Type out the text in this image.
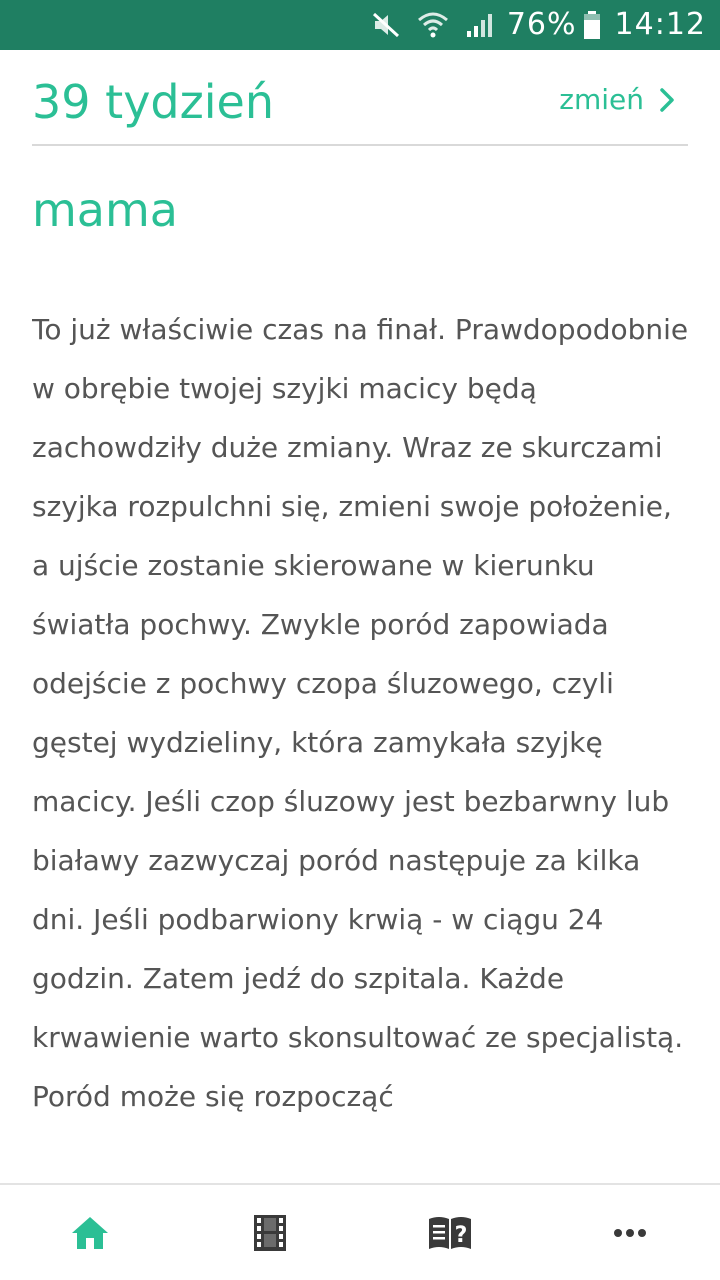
76% 14:12
39 tydzień	zmień
mama

To już właściwie czas na finał. Prawdopodobnie w obrębie twojej szyjki macicy będą zachowdziły duże zmiany. Wraz ze skurczami szyjka rozpulchni się, zmieni swoje położenie, a ujście zostanie skierowane w kierunku światła pochwy. Zwykle poród zapowiada odejście z pochwy czopa śluzowego, czyli gęstej wydzieliny, która zamykała szyjkę macicy. Jeśli czop śluzowy jest bezbarwny lub białawy zazwyczaj poród następuje za kilka dni. Jeśli podbarwiony krwią - w ciągu 24 godzin. Zatem jedź do szpitala. Każde krwawienie warto skonsultować ze specjalistą. Poród może się rozpocząć

?
